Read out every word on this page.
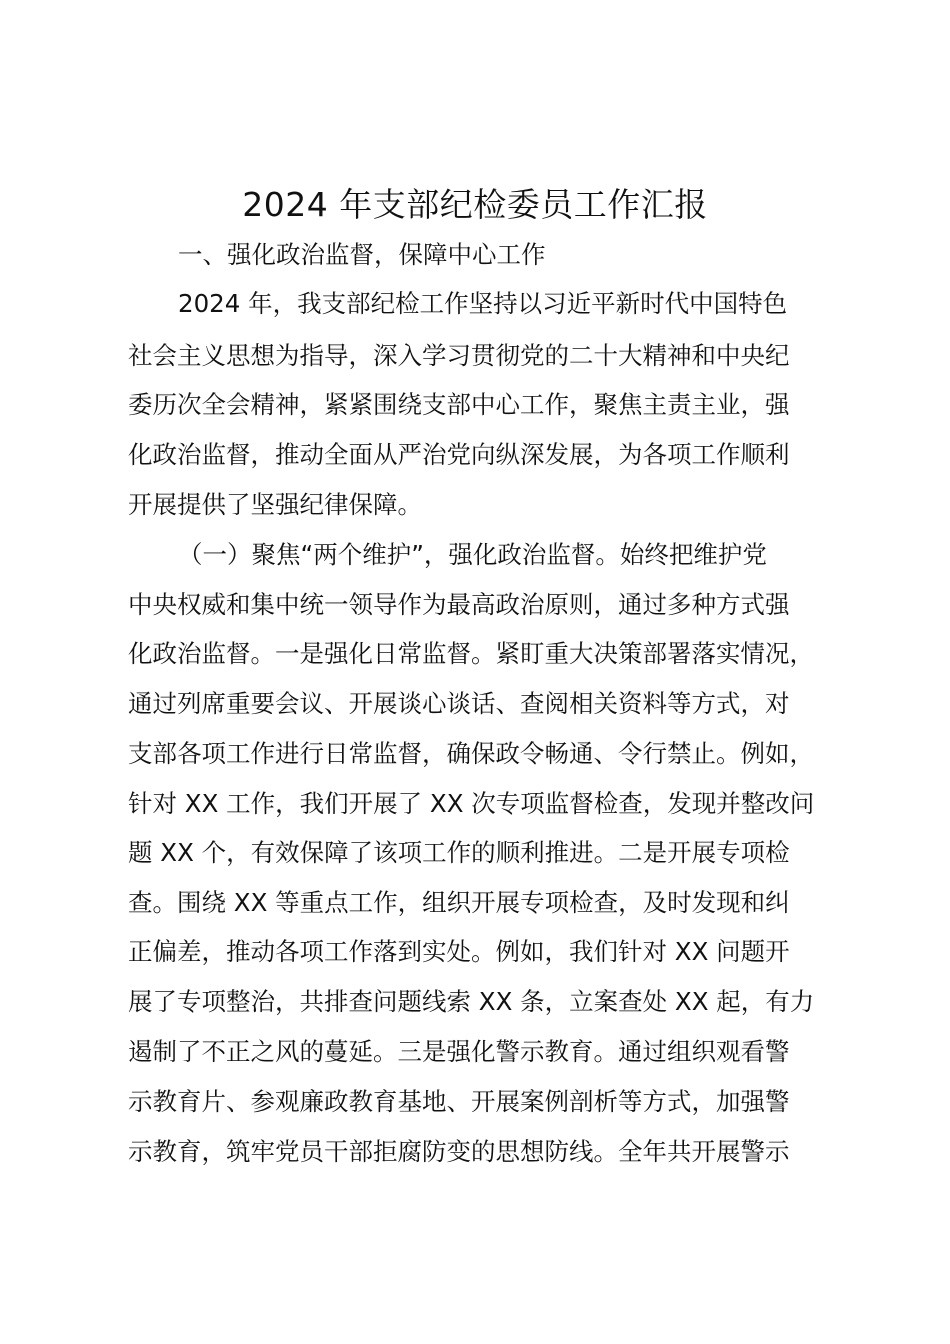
2024 年支部纪检委员工作汇报

一、强化政治监督，保障中心工作

2024 年，我支部纪检工作坚持以习近平新时代中国特色

社会主义思想为指导，深入学习贯彻党的二十大精神和中央纪

委历次全会精神，紧紧围绕支部中心工作，聚焦主责主业，强

化政治监督，推动全面从严治党向纵深发展，为各项工作顺利

开展提供了坚强纪律保障。

（一）聚焦“两个维护”，强化政治监督。始终把维护党

中央权威和集中统一领导作为最高政治原则，通过多种方式强

化政治监督。一是强化日常监督。紧盯重大决策部署落实情况，

通过列席重要会议、开展谈心谈话、查阅相关资料等方式，对

支部各项工作进行日常监督，确保政令畅通、令行禁止。例如，

针对 XX 工作，我们开展了 XX 次专项监督检查，发现并整改问

题 XX 个，有效保障了该项工作的顺利推进。二是开展专项检

查。围绕 XX 等重点工作，组织开展专项检查，及时发现和纠

正偏差，推动各项工作落到实处。例如，我们针对 XX 问题开

展了专项整治，共排查问题线索 XX 条，立案查处 XX 起，有力

遏制了不正之风的蔓延。三是强化警示教育。通过组织观看警

示教育片、参观廉政教育基地、开展案例剖析等方式，加强警

示教育，筑牢党员干部拒腐防变的思想防线。全年共开展警示
